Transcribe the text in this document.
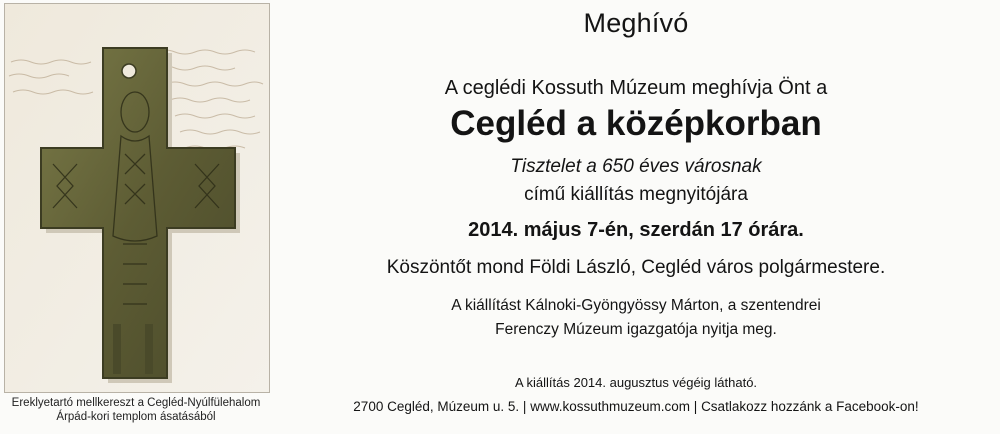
Ereklyetartó mellkereszt a Cegléd-Nyúlfülehalom
Árpád-kori templom ásatásából
Meghívó
A ceglédi Kossuth Múzeum meghívja Önt a
Cegléd a középkorban
Tisztelet a 650 éves városnak
című kiállítás megnyitójára
2014. május 7-én, szerdán 17 órára.
Köszöntőt mond Földi László, Cegléd város polgármestere.
A kiállítást Kálnoki-Gyöngyössy Márton, a szentendrei
Ferenczy Múzeum igazgatója nyitja meg.
A kiállítás 2014. augusztus végéig látható.
2700 Cegléd, Múzeum u. 5. | www.kossuthmuzeum.com | Csatlakozz hozzánk a Facebook-on!
